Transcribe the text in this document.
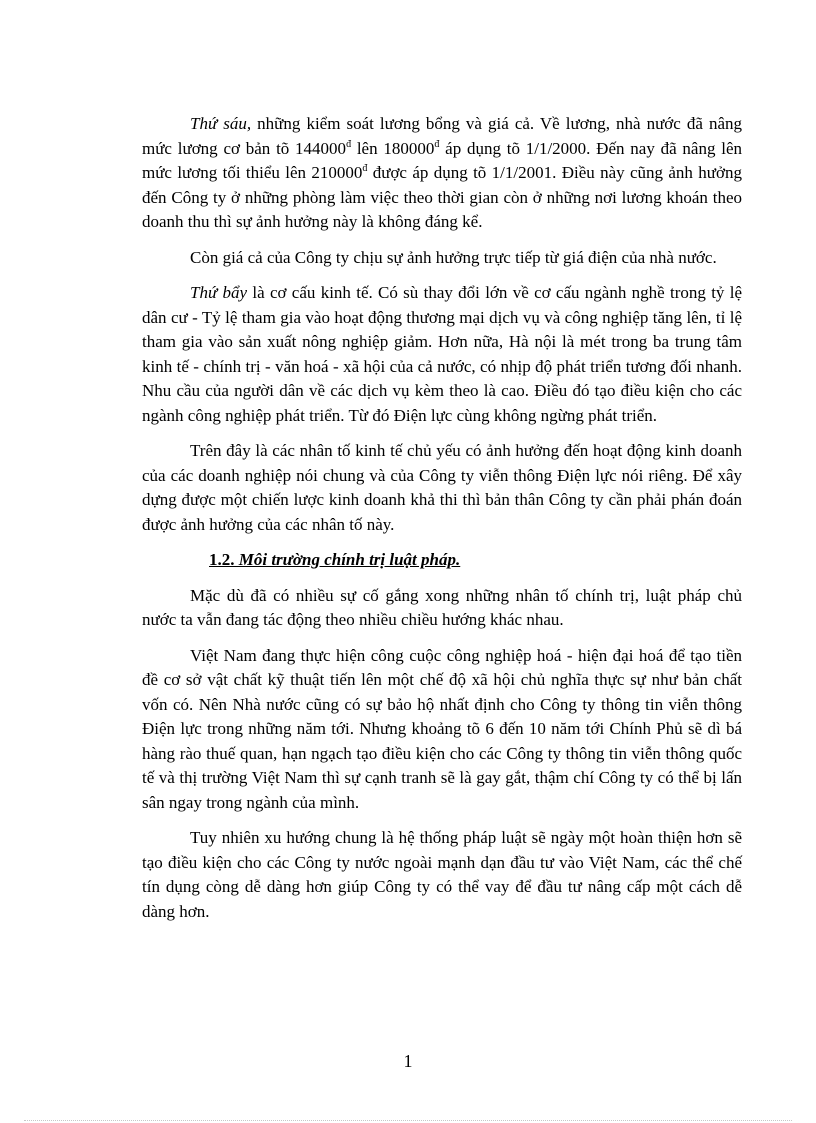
Thứ sáu, những kiểm soát lương bổng và giá cả. Về lương, nhà nước đã nâng mức lương cơ bản tõ $144000^đ$ lên $180000^đ$ áp dụng tõ 1/1/2000. Đến nay đã nâng lên mức lương tối thiểu lên $210000^đ$ được áp dụng tõ 1/1/2001. Điều này cũng ảnh hưởng đến Công ty ở những phòng làm việc theo thời gian còn ở những nơi lương khoán theo doanh thu thì sự ảnh hưởng này là không đáng kể.

Còn giá cả của Công ty chịu sự ảnh hưởng trực tiếp từ giá điện của nhà nước.

Thứ bẩy là cơ cấu kinh tế. Có sù thay đổi lớn về cơ cấu ngành nghề trong tỷ lệ dân cư - Tỷ lệ tham gia vào hoạt động thương mại dịch vụ và công nghiệp tăng lên, tỉ lệ tham gia vào sản xuất nông nghiệp giảm. Hơn nữa, Hà nội là mét trong ba trung tâm kinh tế - chính trị - văn hoá - xã hội của cả nước, có nhịp độ phát triển tương đối nhanh. Nhu cầu của người dân về các dịch vụ kèm theo là cao. Điều đó tạo điều kiện cho các ngành công nghiệp phát triển. Từ đó Điện lực cùng không ngừng phát triển.

Trên đây là các nhân tố kinh tế chủ yếu có ảnh hưởng đến hoạt động kinh doanh của các doanh nghiệp nói chung và của Công ty viễn thông Điện lực nói riêng. Để xây dựng được một chiến lược kinh doanh khả thi thì bản thân Công ty cần phải phán đoán được ảnh hưởng của các nhân tố này.

1.2. Môi trường chính trị luật pháp.

Mặc dù đã có nhiều sự cố gắng xong những nhân tố chính trị, luật pháp chủ nước ta vẫn đang tác động theo nhiều chiều hướng khác nhau.

Việt Nam đang thực hiện công cuộc công nghiệp hoá - hiện đại hoá để tạo tiền đề cơ sở vật chất kỹ thuật tiến lên một chế độ xã hội chủ nghĩa thực sự như bản chất vốn có. Nên Nhà nước cũng có sự bảo hộ nhất định cho Công ty thông tin viễn thông Điện lực trong những năm tới. Nhưng khoảng tõ 6 đến 10 năm tới Chính Phủ sẽ dì bá hàng rào thuế quan, hạn ngạch tạo điều kiện cho các Công ty thông tin viễn thông quốc tế và thị trường Việt Nam thì sự cạnh tranh sẽ là gay gắt, thậm chí Công ty có thể bị lấn sân ngay trong ngành của mình.

Tuy nhiên xu hướng chung là hệ thống pháp luật sẽ ngày một hoàn thiện hơn sẽ tạo điều kiện cho các Công ty nước ngoài mạnh dạn đầu tư vào Việt Nam, các thể chế tín dụng còng dễ dàng hơn giúp Công ty có thể vay để đầu tư nâng cấp một cách dễ dàng hơn.

1
